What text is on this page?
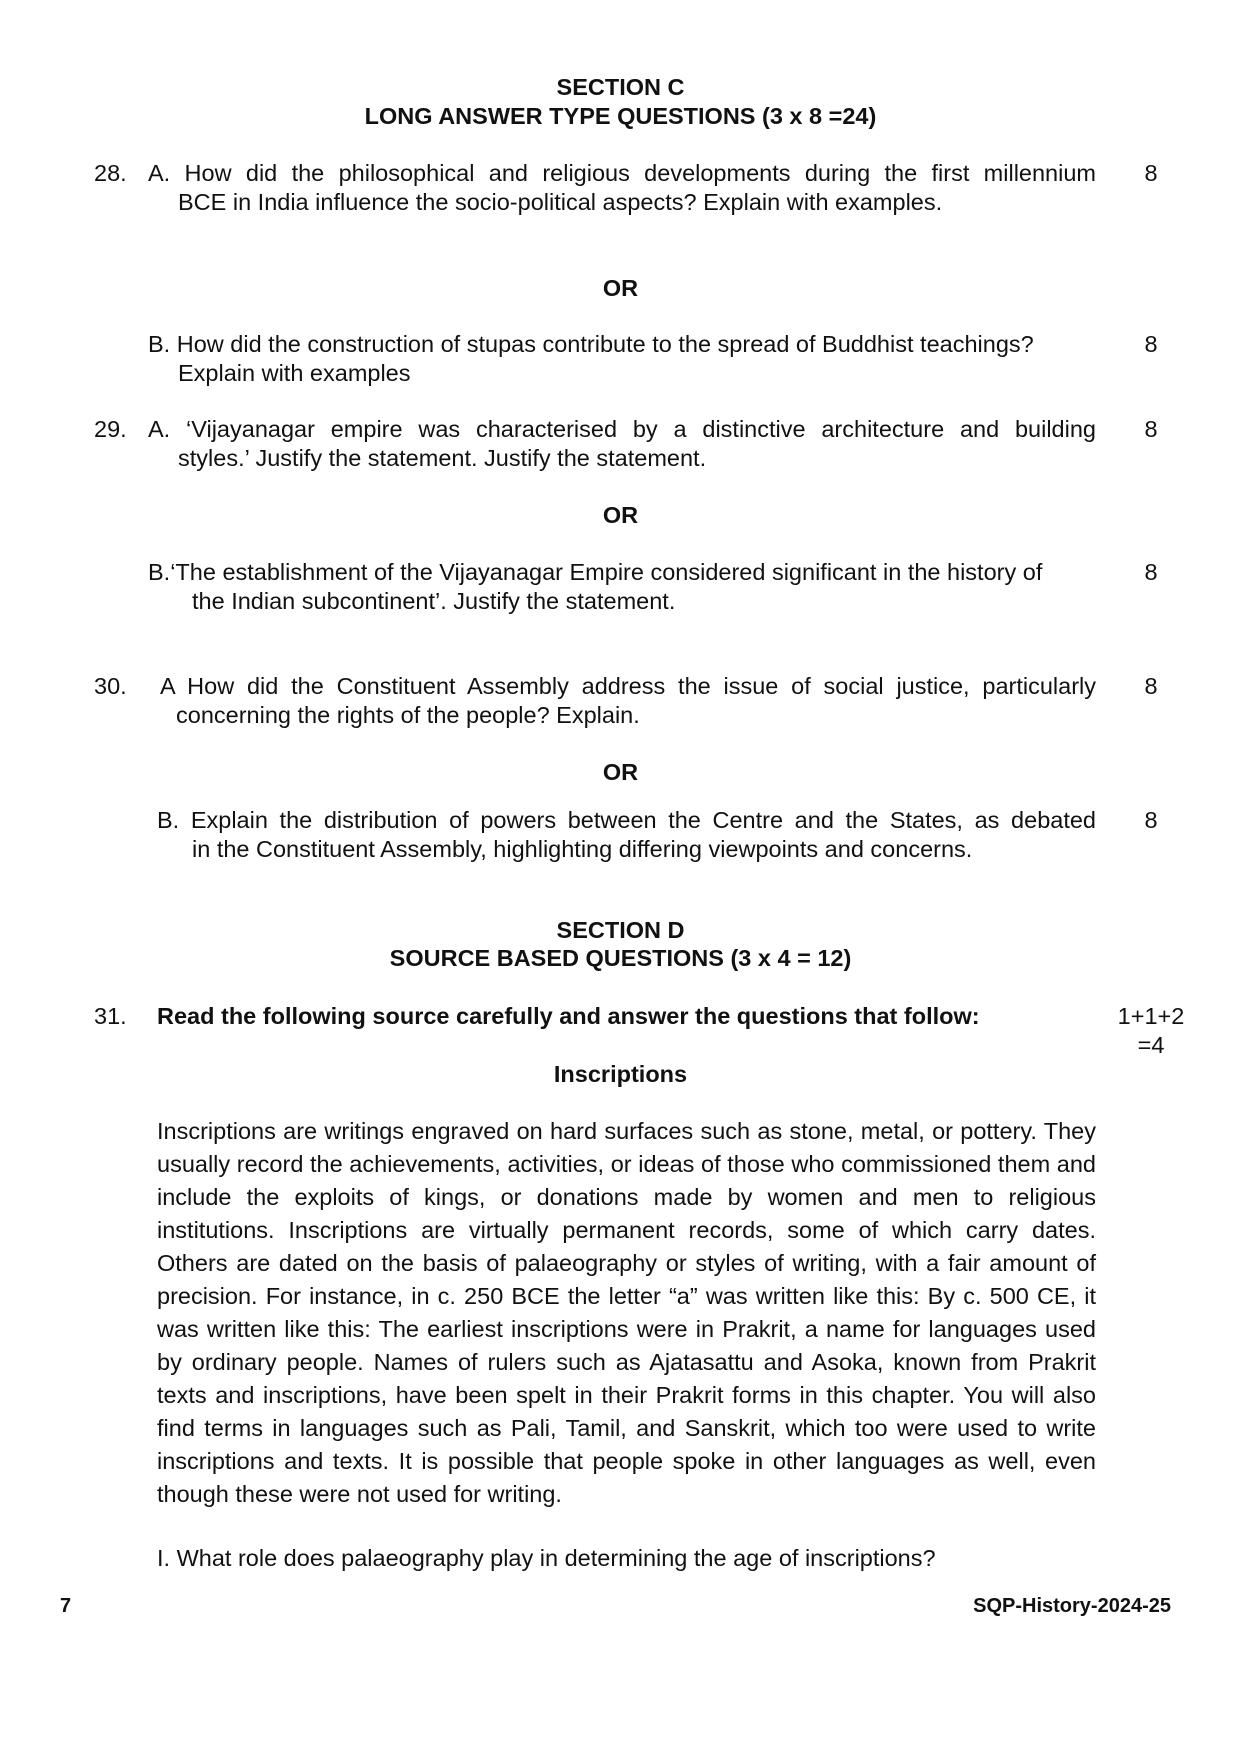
SECTION C
LONG ANSWER TYPE QUESTIONS (3 x 8 =24)
28. A. How did the philosophical and religious developments during the first millennium
BCE in India influence the socio-political aspects? Explain with examples.
8
OR
B. How did the construction of stupas contribute to the spread of Buddhist teachings?
Explain with examples
8
29. A. ‘Vijayanagar empire was characterised by a distinctive architecture and building
styles.’ Justify the statement. Justify the statement.
8
OR
B.‘The establishment of the Vijayanagar Empire considered significant in the history of
the Indian subcontinent’. Justify the statement.
8
30. A How did the Constituent Assembly address the issue of social justice, particularly
concerning the rights of the people? Explain.
8
OR
B. Explain the distribution of powers between the Centre and the States, as debated
in the Constituent Assembly, highlighting differing viewpoints and concerns.
8
SECTION D
SOURCE BASED QUESTIONS (3 x 4 = 12)
31. Read the following source carefully and answer the questions that follow:	1+1+2
=4
Inscriptions
Inscriptions are writings engraved on hard surfaces such as stone, metal, or pottery. They usually record the achievements, activities, or ideas of those who commissioned them and include the exploits of kings, or donations made by women and men to religious institutions. Inscriptions are virtually permanent records, some of which carry dates. Others are dated on the basis of palaeography or styles of writing, with a fair amount of precision. For instance, in c. 250 BCE the letter “a” was written like this: By c. 500 CE, it was written like this: The earliest inscriptions were in Prakrit, a name for languages used by ordinary people. Names of rulers such as Ajatasattu and Asoka, known from Prakrit texts and inscriptions, have been spelt in their Prakrit forms in this chapter. You will also find terms in languages such as Pali, Tamil, and Sanskrit, which too were used to write inscriptions and texts. It is possible that people spoke in other languages as well, even though these were not used for writing.
I. What role does palaeography play in determining the age of inscriptions?
7	SQP-History-2024-25
